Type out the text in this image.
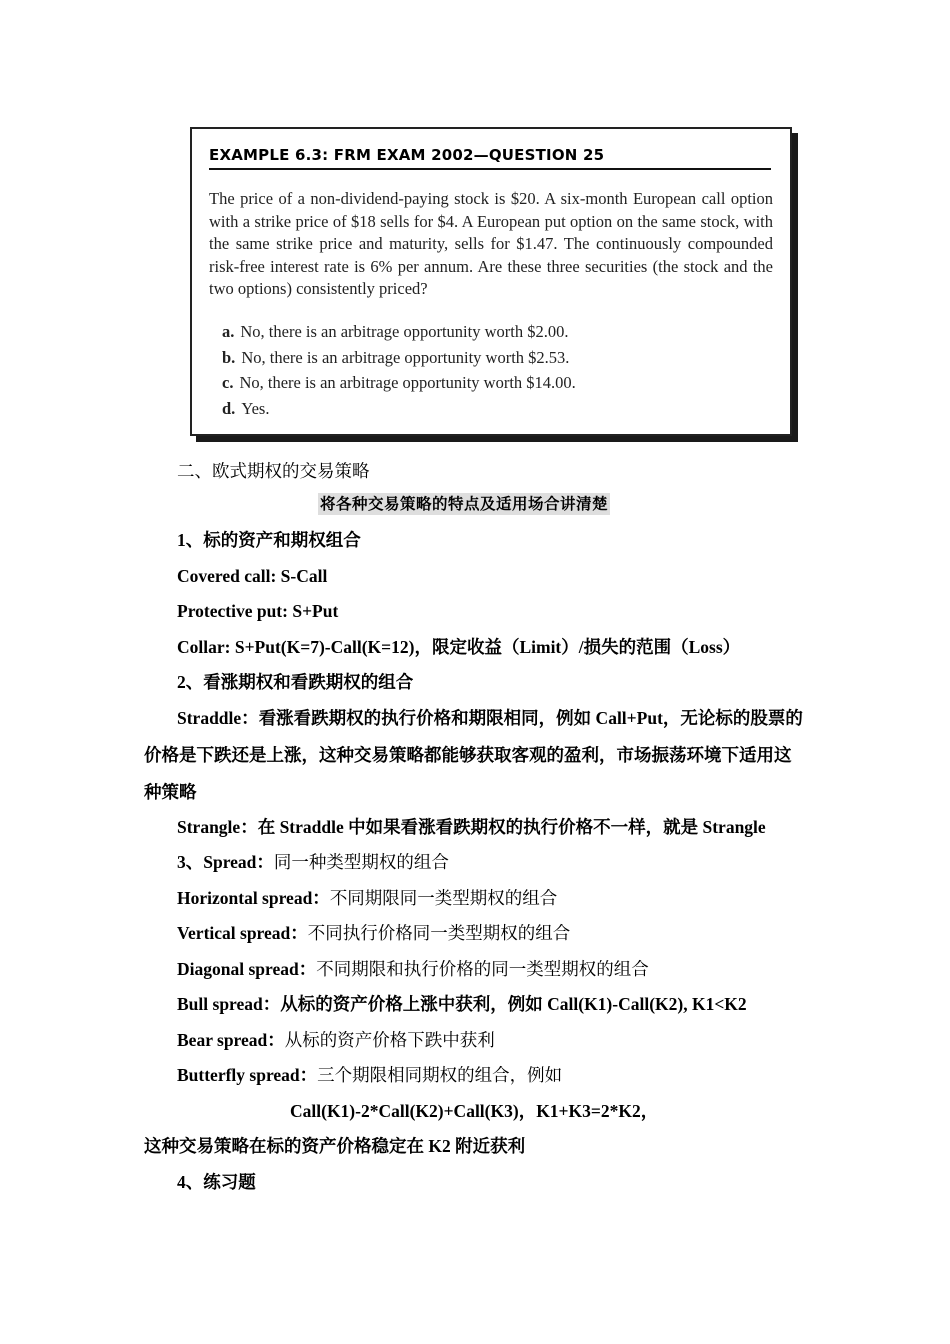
EXAMPLE 6.3: FRM EXAM 2002—QUESTION 25
The price of a non-dividend-paying stock is $20. A six-month European call option with a strike price of $18 sells for $4. A European put option on the same stock, with the same strike price and maturity, sells for $1.47. The continuously compounded risk-free interest rate is 6% per annum. Are these three securities (the stock and the two options) consistently priced?
a. No, there is an arbitrage opportunity worth $2.00.
b. No, there is an arbitrage opportunity worth $2.53.
c. No, there is an arbitrage opportunity worth $14.00.
d. Yes.
二、欧式期权的交易策略
将各种交易策略的特点及适用场合讲清楚
1、标的资产和期权组合
Covered call: S-Call
Protective put: S+Put
Collar: S+Put(K=7)-Call(K=12)，限定收益（Limit）/损失的范围（Loss）
2、看涨期权和看跌期权的组合
Straddle：看涨看跌期权的执行价格和期限相同，例如 Call+Put，无论标的股票的价格是下跌还是上涨，这种交易策略都能够获取客观的盈利，市场振荡环境下适用这种策略
Strangle：在 Straddle 中如果看涨看跌期权的执行价格不一样，就是 Strangle
3、Spread：同一种类型期权的组合
Horizontal spread：不同期限同一类型期权的组合
Vertical spread：不同执行价格同一类型期权的组合
Diagonal spread：不同期限和执行价格的同一类型期权的组合
Bull spread：从标的资产价格上涨中获利，例如 Call(K1)-Call(K2), K1<K2
Bear spread：从标的资产价格下跌中获利
Butterfly spread：三个期限相同期权的组合，例如
Call(K1)-2*Call(K2)+Call(K3)，K1+K3=2*K2，
这种交易策略在标的资产价格稳定在 K2 附近获利
4、练习题
